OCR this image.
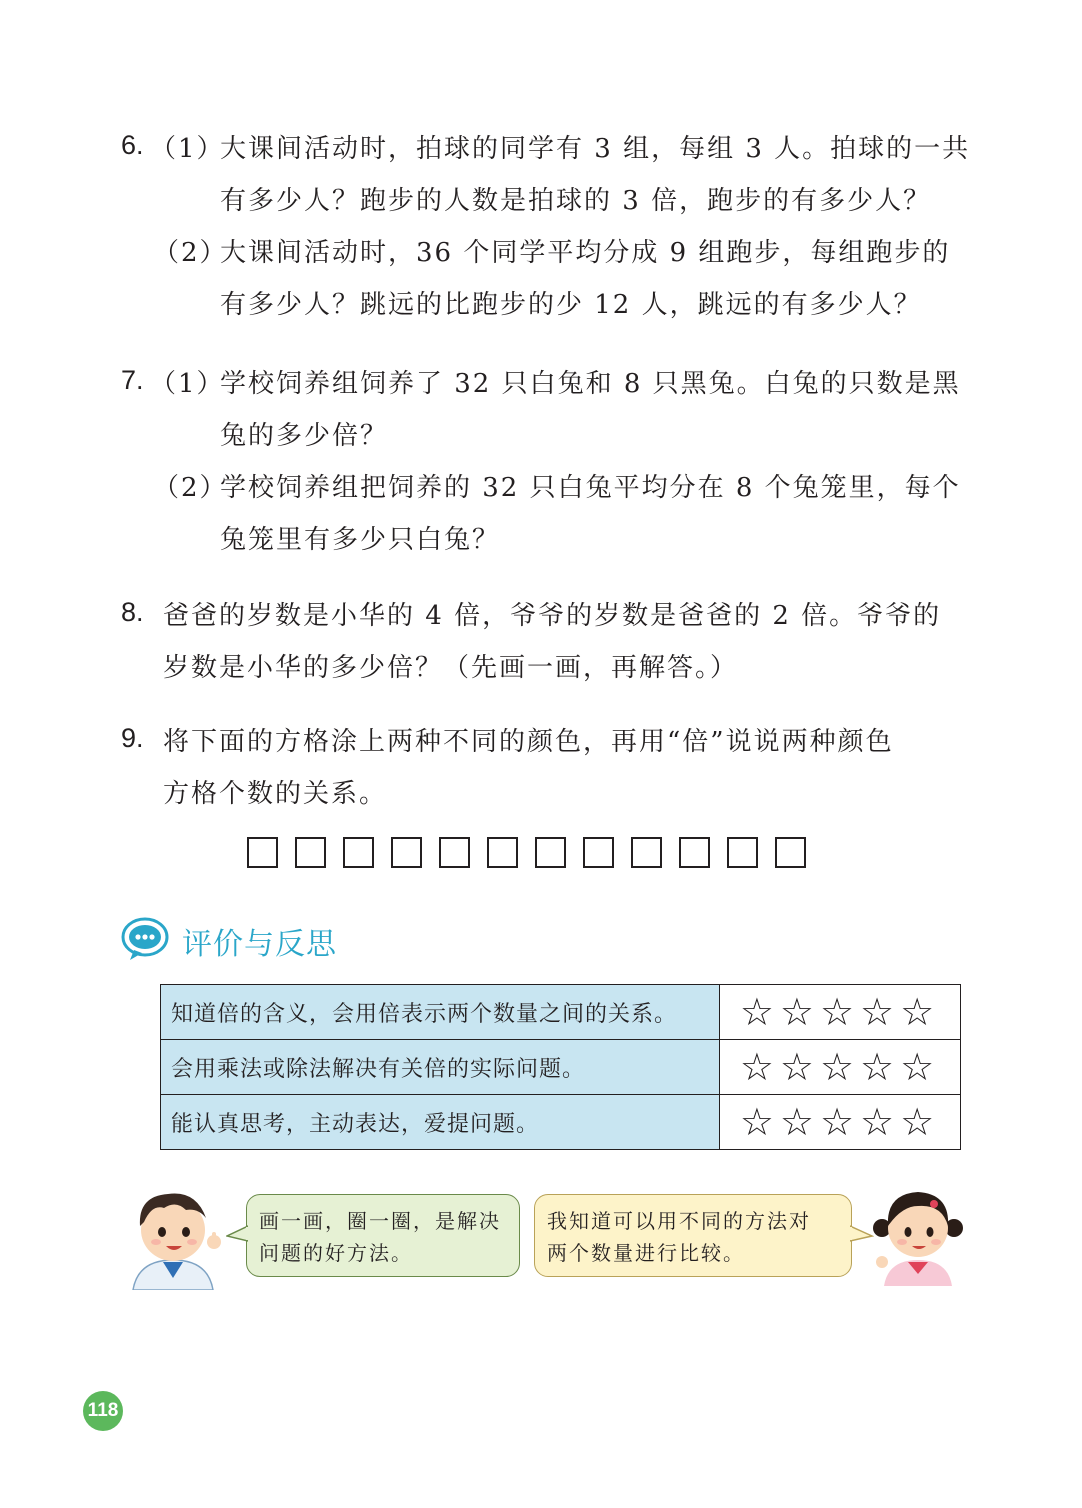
6. （1）
大课间活动时，拍球的同学有 3 组，每组 3 人。拍球的一共
有多少人？跑步的人数是拍球的 3 倍，跑步的有多少人？
（2）
大课间活动时，36 个同学平均分成 9 组跑步，每组跑步的
有多少人？跳远的比跑步的少 12 人，跳远的有多少人？
7. （1）
学校饲养组饲养了 32 只白兔和 8 只黑兔。白兔的只数是黑
兔的多少倍？
（2）
学校饲养组把饲养的 32 只白兔平均分在 8 个兔笼里，每个
兔笼里有多少只白兔？
8. 爸爸的岁数是小华的 4 倍，爷爷的岁数是爸爸的 2 倍。爷爷的
岁数是小华的多少倍？（先画一画，再解答。）
9. 将下面的方格涂上两种不同的颜色，再用“倍”说说两种颜色
方格个数的关系。
评价与反思
知道倍的含义，会用倍表示两个数量之间的关系。	☆☆☆☆☆
会用乘法或除法解决有关倍的实际问题。	☆☆☆☆☆
能认真思考，主动表达，爱提问题。	☆☆☆☆☆
画一画，圈一圈，是解决
问题的好方法。
我知道可以用不同的方法对
两个数量进行比较。
118
